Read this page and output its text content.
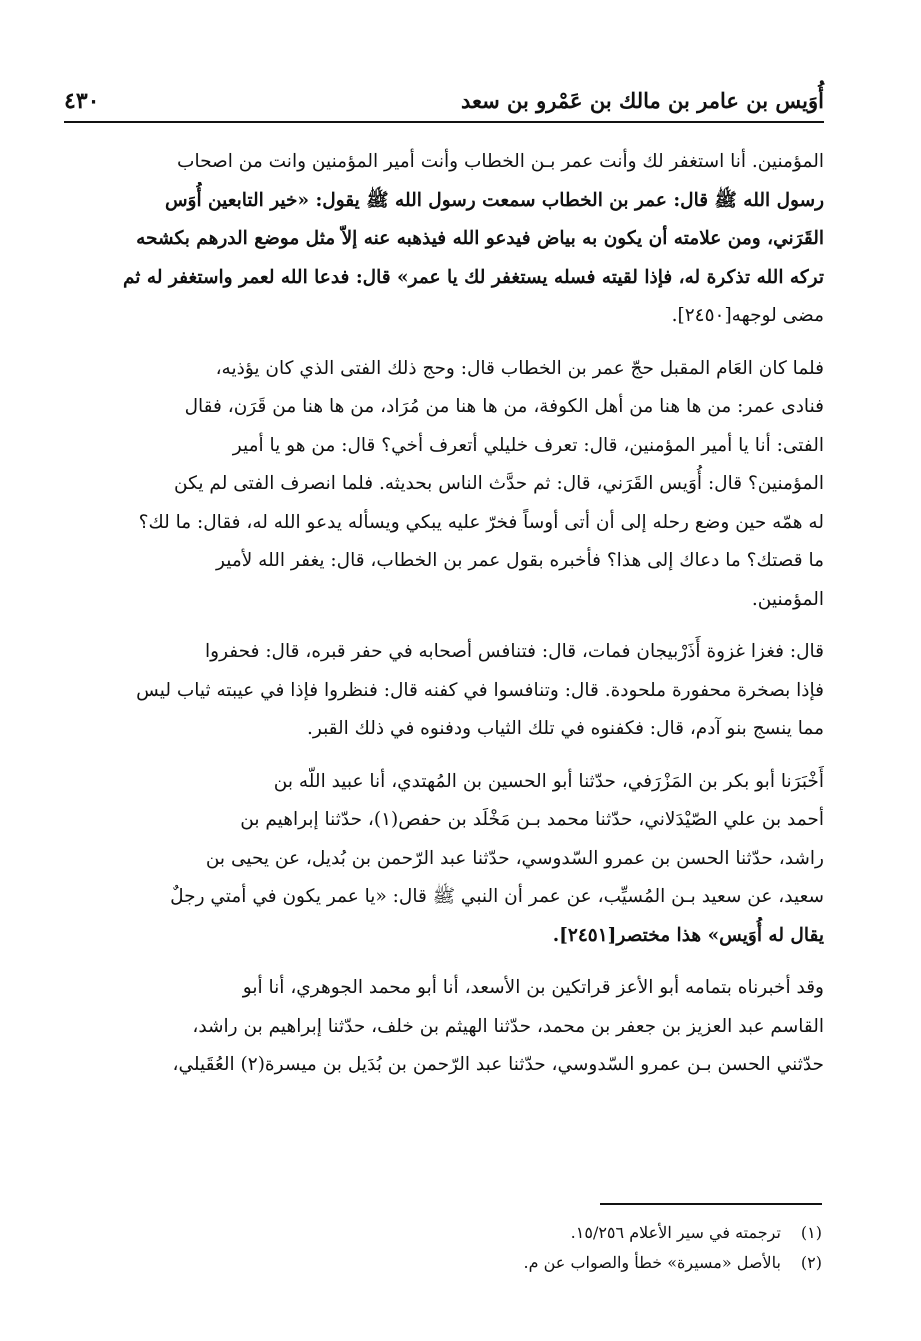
أُوَيس بن عامر بن مالك بن عَمْرو بن سعد
٤٣٠

المؤمنين. أنا استغفر لك وأنت عمر بـن الخطاب وأنت أمير المؤمنين وانت من اصحاب
رسول الله ﷺ قال: عمر بن الخطاب سمعت رسول الله ﷺ يقول: «خير التابعين أُوَس
القَرَني، ومن علامته أن يكون به بياض فيدعو الله فيذهبه عنه إلاّ مثل موضع الدرهم بكشحه
تركه الله تذكرة له، فإذا لقيته فسله يستغفر لك يا عمر» قال: فدعا الله لعمر واستغفر له ثم
مضى لوجهه[٢٤٥٠].

فلما كان العَام المقبل حجّ عمر بن الخطاب قال: وحج ذلك الفتى الذي كان يؤذيه،
فنادى عمر: من ها هنا من أهل الكوفة، من ها هنا من مُرَاد، من ها هنا من قَرَن، فقال
الفتى: أنا يا أمير المؤمنين، قال: تعرف خليلي أتعرف أخي؟ قال: من هو يا أمير
المؤمنين؟ قال: أُوَيس القَرَني، قال: ثم حدَّث الناس بحديثه. فلما انصرف الفتى لم يكن
له همّه حين وضع رحله إلى أن أتى أوساً فخرّ عليه يبكي ويسأله يدعو الله له، فقال: ما لك؟
ما قصتك؟ ما دعاك إلى هذا؟ فأخبره بقول عمر بن الخطاب، قال: يغفر الله لأمير
المؤمنين.

قال: فغزا غزوة أَذَرْبيجان فمات، قال: فتنافس أصحابه في حفر قبره، قال: فحفروا
فإذا بصخرة محفورة ملحودة. قال: وتنافسوا في كفنه قال: فنظروا فإذا في عيبته ثياب ليس
مما ينسج بنو آدم، قال: فكفنوه في تلك الثياب ودفنوه في ذلك القبر.

أَخْبَرَنا أبو بكر بن المَزْرَفي، حدّثنا أبو الحسين بن المُهتدي، أنا عبيد اللّه بن
أحمد بن علي الصّيْدَلاني، حدّثنا محمد بـن مَخْلَد بن حفص(١)، حدّثنا إبراهيم بن
راشد، حدّثنا الحسن بن عمرو السّدوسي، حدّثنا عبد الرّحمن بن بُديل، عن يحيى بن
سعيد، عن سعيد بـن المُسيِّب، عن عمر أن النبي ﷺ قال: «يا عمر يكون في أمتي رجلٌ
يقال له أُوَيس» هذا مختصر[٢٤٥١].

وقد أخبرناه بتمامه أبو الأعز قراتكين بن الأسعد، أنا أبو محمد الجوهري، أنا أبو
القاسم عبد العزيز بن جعفر بن محمد، حدّثنا الهيثم بن خلف، حدّثنا إبراهيم بن راشد،
حدّثني الحسن بـن عمرو السّدوسي، حدّثنا عبد الرّحمن بن بُدَيل بن ميسرة(٢) العُقَيلي،

(١) ترجمته في سير الأعلام ١٥/٢٥٦.
(٢) بالأصل «مسيرة» خطأ والصواب عن م.
